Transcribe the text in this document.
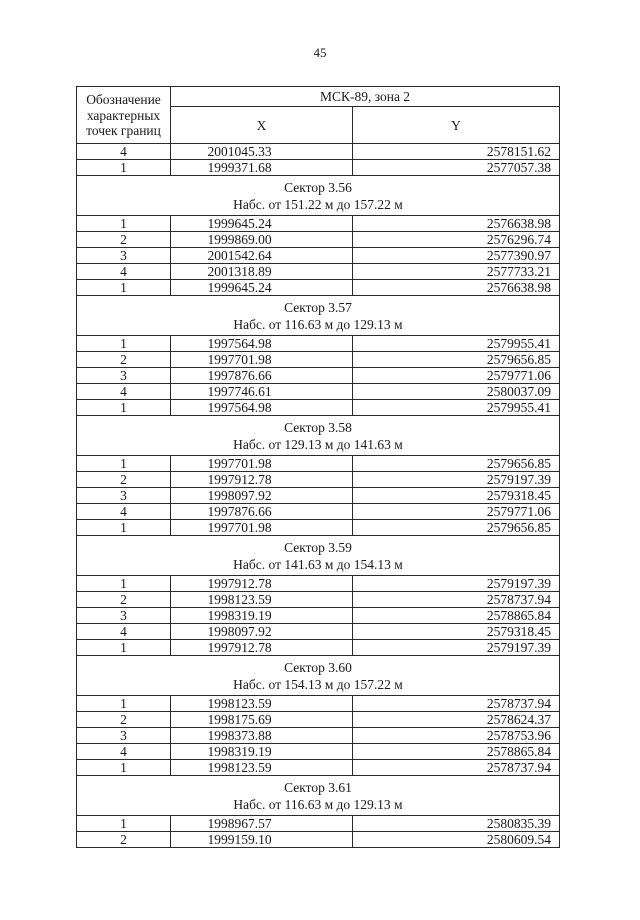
45
Обозначение характерных точек границ	МСК-89, зона 2	
	X	Y
4	2001045.33	2578151.62
1	1999371.68	2577057.38

Сектор 3.56
Набс. от 151.22 м до 157.22 м		

1	1999645.24	2576638.98
2	1999869.00	2576296.74
3	2001542.64	2577390.97
4	2001318.89	2577733.21
1	1999645.24	2576638.98

Сектор 3.57
Набс. от 116.63 м до 129.13 м		

1	1997564.98	2579955.41
2	1997701.98	2579656.85
3	1997876.66	2579771.06
4	1997746.61	2580037.09
1	1997564.98	2579955.41

Сектор 3.58
Набс. от 129.13 м до 141.63 м		

1	1997701.98	2579656.85
2	1997912.78	2579197.39
3	1998097.92	2579318.45
4	1997876.66	2579771.06
1	1997701.98	2579656.85

Сектор 3.59
Набс. от 141.63 м до 154.13 м		

1	1997912.78	2579197.39
2	1998123.59	2578737.94
3	1998319.19	2578865.84
4	1998097.92	2579318.45
1	1997912.78	2579197.39

Сектор 3.60
Набс. от 154.13 м до 157.22 м		

1	1998123.59	2578737.94
2	1998175.69	2578624.37
3	1998373.88	2578753.96
4	1998319.19	2578865.84
1	1998123.59	2578737.94

Сектор 3.61
Набс. от 116.63 м до 129.13 м		

1	1998967.57	2580835.39
2	1999159.10	2580609.54
